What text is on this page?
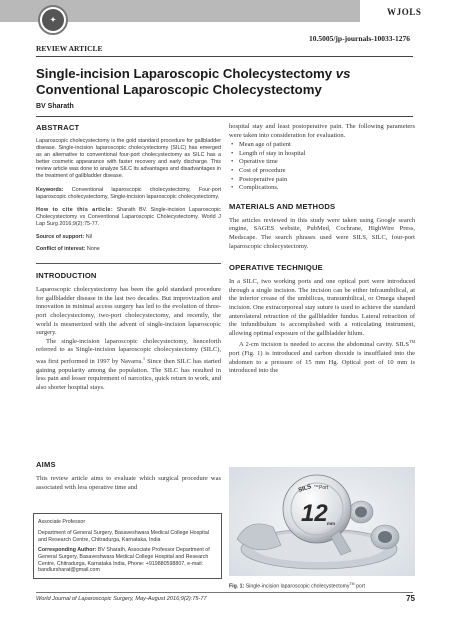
WJOLS
✦
10.5005/jp-journals-10033-1276
REVIEW ARTICLE
Single-incision Laparoscopic Cholecystectomy vs
Conventional Laparoscopic Cholecystectomy
BV Sharath
ABSTRACT

Laparoscopic cholecystectomy is the gold standard procedure for gallbladder disease. Single-incision laparoscopic cholecystectomy (SILC) has emerged as an alternative to conventional four-port cholecystectomy as SILC has a better cosmetic appearance with faster recovery and early discharge. This review article was done to analyze SILC its advantages and disadvantages in the treatment of gallbladder disease.

Keywords: Conventional laparoscopic cholecystectomy, Four-port laparoscopic cholecystectomy, Single-incision laparoscopic cholecystectomy.

How to cite this article: Sharath BV. Single-incision Laparoscopic Cholecystectomy vs Conventional Laparoscopic Cholecystectomy. World J Lap Surg 2016;9(2):75-77.

Source of support: Nil

Conflict of interest: None

INTRODUCTION

Laparoscopic cholecystectomy has been the gold standard procedure for gallbladder disease in the last two decades. But improvization and innovation in minimal access surgery has led to the evolution of three-port cholecystectomy, two-port cholecystectomy, and recently, the world is mesmerized with the advent of single-incision laparoscopic surgery.

The single-incision laparoscopic cholecystectomy, henceforth referred to as Single-incision laparoscopic cholecystectomy (SILC), was first performed in 1997 by Navarra.$^1$ Since then SILC has started gaining popularity among the population. The SILC has resulted in less pain and lesser requirement of narcotics, quick return to work, and also shorter hospital stays.

AIMS

This review article aims to evaluate which surgical procedure was associated with less operative time and

Associate Professor

Department of General Surgery, Basaveshwara Medical College Hospital and Research Centre, Chitradurga, Karnataka, India

Corresponding Author: BV Sharath, Associate Professor Department of General Surgery, Basaveshwara Medical College Hospital and Research Centre, Chitradurga, Karnataka India, Phone: +919880598807, e-mail: bandlursharat@gmail.com

hospital stay and least postoperative pain. The following parameters were taken into consideration for evaluation.

• Mean age of patient
• Length of stay in hospital
• Operative time
• Cost of procedure
• Postoperative pain
• Complications.
MATERIALS AND METHODS

The articles reviewed in this study were taken using Google search engine, SAGES website, PubMed, Cochrane, HighWire Press, Medscape. The search phrases used were SILS, SILC, four-port laparoscopic cholecystectomy.

OPERATIVE TECHNIQUE

In a SILC, two working ports and one optical port were introduced through a single incision. The incision can be either infraumbilical, at the inferior crease of the umbilicus, transumbilical, or Omega shaped incision. One extracorporeal stay suture is used to achieve the standard anterolateral retraction of the gallbladder fundus. Lateral retraction of the infundibulum is accomplished with a roticulating instrument, allowing optimal exposure of the gallbladder hilum.

A 2-cm incision is needed to access the abdominal cavity. SILS™ port (Fig. 1) is introduced and carbon dioxide is insufflated into the abdomen to a pressure of 15 mm Hg. Optical port of 10 mm is introduced into the

SILS TM Port
12 mm
Fig. 1: Single-incision laparoscopic cholecystectomy™ port
World Journal of Laparoscopic Surgery, May-August 2016;9(2):75-77	75
